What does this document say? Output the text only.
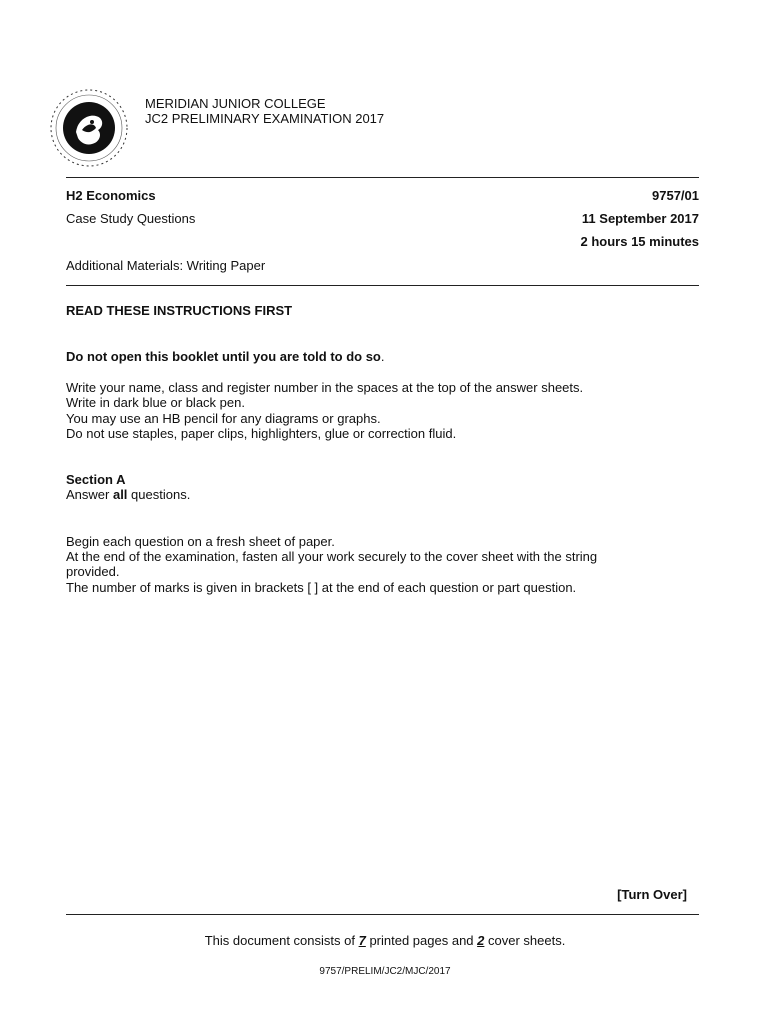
MERIDIAN JUNIOR COLLEGE
JC2 PRELIMINARY EXAMINATION 2017
H2 Economics	9757/01
Case Study Questions	11 September 2017
2 hours 15 minutes
Additional Materials: Writing Paper
READ THESE INSTRUCTIONS FIRST
Do not open this booklet until you are told to do so.
Write your name, class and register number in the spaces at the top of the answer sheets.
Write in dark blue or black pen.
You may use an HB pencil for any diagrams or graphs.
Do not use staples, paper clips, highlighters, glue or correction fluid.
Section A
Answer all questions.
Begin each question on a fresh sheet of paper.
At the end of the examination, fasten all your work securely to the cover sheet with the string
provided.
The number of marks is given in brackets [ ] at the end of each question or part question.
[Turn Over]
This document consists of 7 printed pages and 2 cover sheets.
9757/PRELIM/JC2/MJC/2017
